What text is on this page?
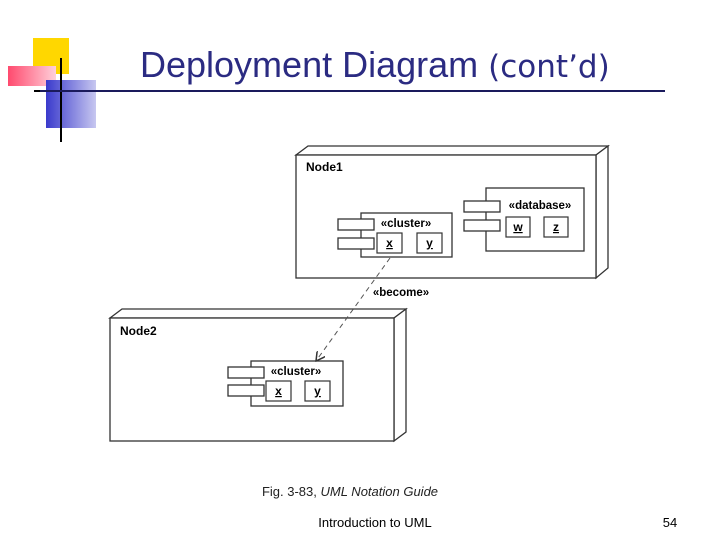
Deployment Diagram (cont’d)
Node1
«database»
w	z
«cluster»
x	y
Node2
«cluster»
x	y
«become»
Fig. 3-83, UML Notation Guide
Introduction to UML	54
